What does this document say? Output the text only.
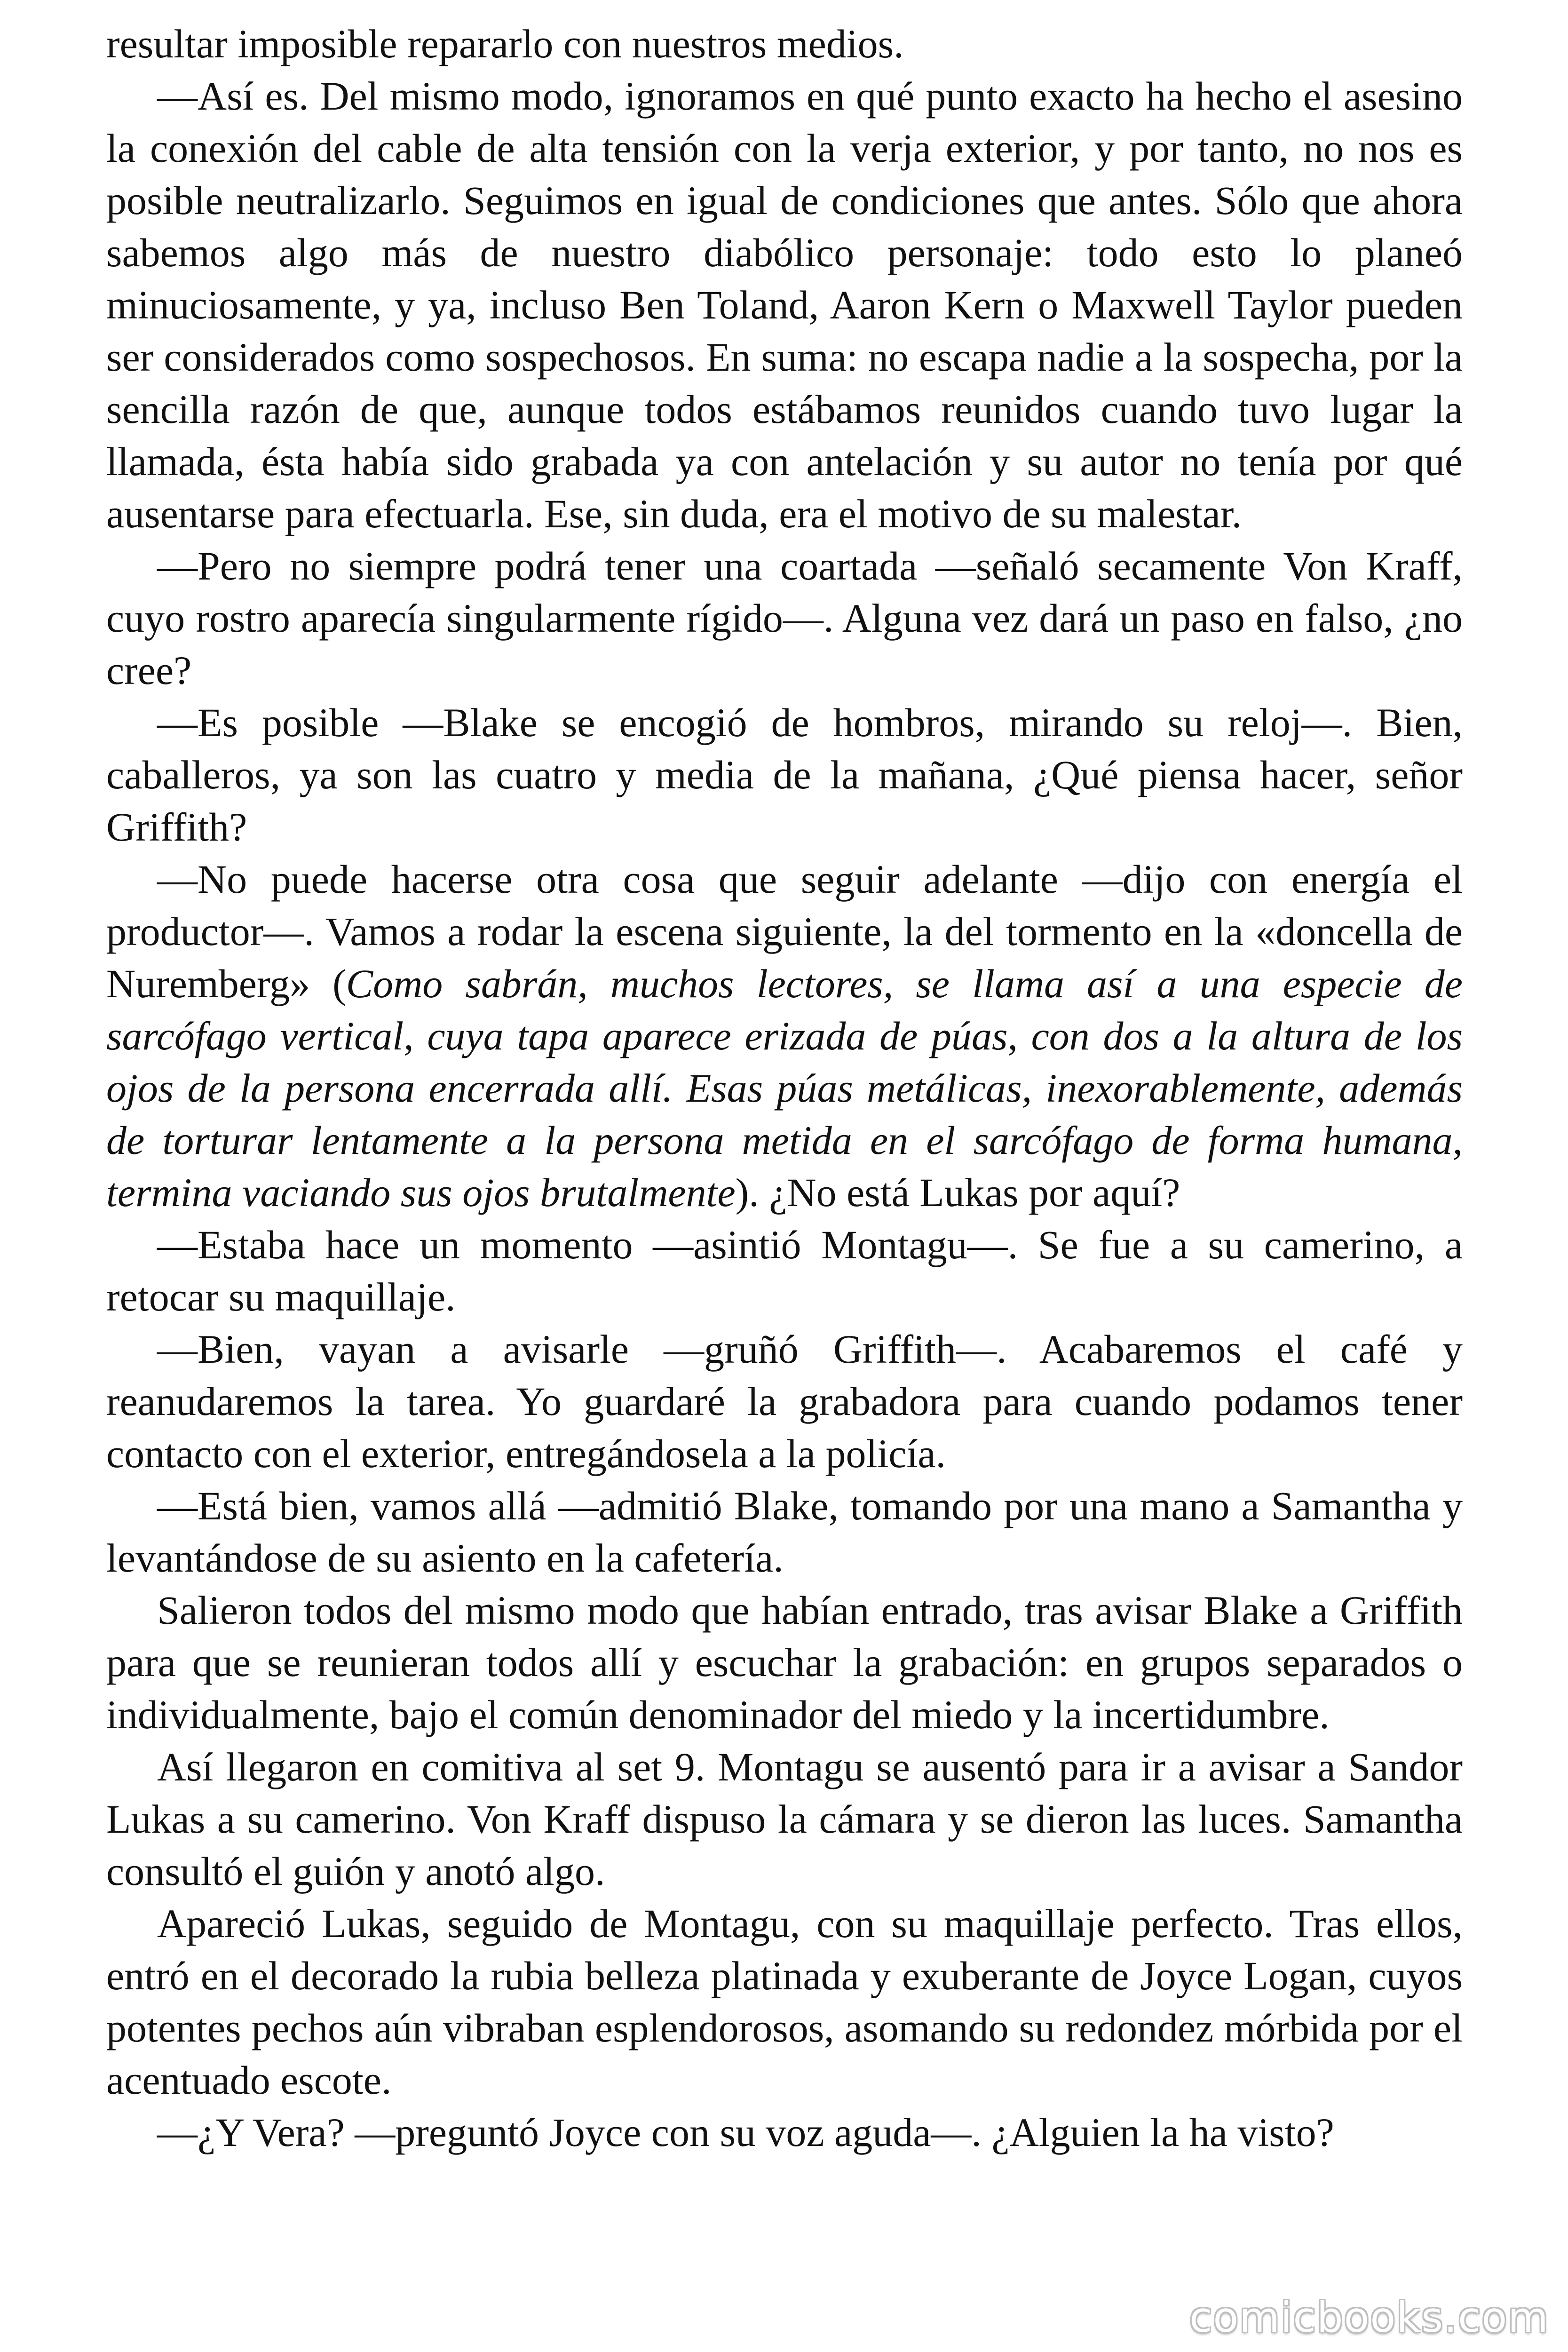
resultar imposible repararlo con nuestros medios.

—Así es. Del mismo modo, ignoramos en qué punto exacto ha hecho el asesino la conexión del cable de alta tensión con la verja exterior, y por tanto, no nos es posible neutralizarlo. Seguimos en igual de condiciones que antes. Sólo que ahora sabemos algo más de nuestro diabólico personaje: todo esto lo planeó minuciosamente, y ya, incluso Ben Toland, Aaron Kern o Maxwell Taylor pueden ser considerados como sospechosos. En suma: no escapa nadie a la sospecha, por la sencilla razón de que, aunque todos estábamos reunidos cuando tuvo lugar la llamada, ésta había sido grabada ya con antelación y su autor no tenía por qué ausentarse para efectuarla. Ese, sin duda, era el motivo de su malestar.

—Pero no siempre podrá tener una coartada —señaló secamente Von Kraff, cuyo rostro aparecía singularmente rígido—. Alguna vez dará un paso en falso, ¿no cree?

—Es posible —Blake se encogió de hombros, mirando su reloj—. Bien, caballeros, ya son las cuatro y media de la mañana, ¿Qué piensa hacer, señor Griffith?

—No puede hacerse otra cosa que seguir adelante —dijo con energía el productor—. Vamos a rodar la escena siguiente, la del tormento en la «doncella de Nuremberg» (Como sabrán, muchos lectores, se llama así a una especie de sarcófago vertical, cuya tapa aparece erizada de púas, con dos a la altura de los ojos de la persona encerrada allí. Esas púas metálicas, inexorablemente, además de torturar lentamente a la persona metida en el sarcófago de forma humana, termina vaciando sus ojos brutalmente). ¿No está Lukas por aquí?

—Estaba hace un momento —asintió Montagu—. Se fue a su camerino, a retocar su maquillaje.

—Bien, vayan a avisarle —gruñó Griffith—. Acabaremos el café y reanudaremos la tarea. Yo guardaré la grabadora para cuando podamos tener contacto con el exterior, entregándosela a la policía.

—Está bien, vamos allá —admitió Blake, tomando por una mano a Samantha y levantándose de su asiento en la cafetería.

Salieron todos del mismo modo que habían entrado, tras avisar Blake a Griffith para que se reunieran todos allí y escuchar la grabación: en grupos separados o individualmente, bajo el común denominador del miedo y la incertidumbre.

Así llegaron en comitiva al set 9. Montagu se ausentó para ir a avisar a Sandor Lukas a su camerino. Von Kraff dispuso la cámara y se dieron las luces. Samantha consultó el guión y anotó algo.

Apareció Lukas, seguido de Montagu, con su maquillaje perfecto. Tras ellos, entró en el decorado la rubia belleza platinada y exuberante de Joyce Logan, cuyos potentes pechos aún vibraban esplendorosos, asomando su redondez mórbida por el acentuado escote.

—¿Y Vera? —preguntó Joyce con su voz aguda—. ¿Alguien la ha visto?

comicbooks.com
